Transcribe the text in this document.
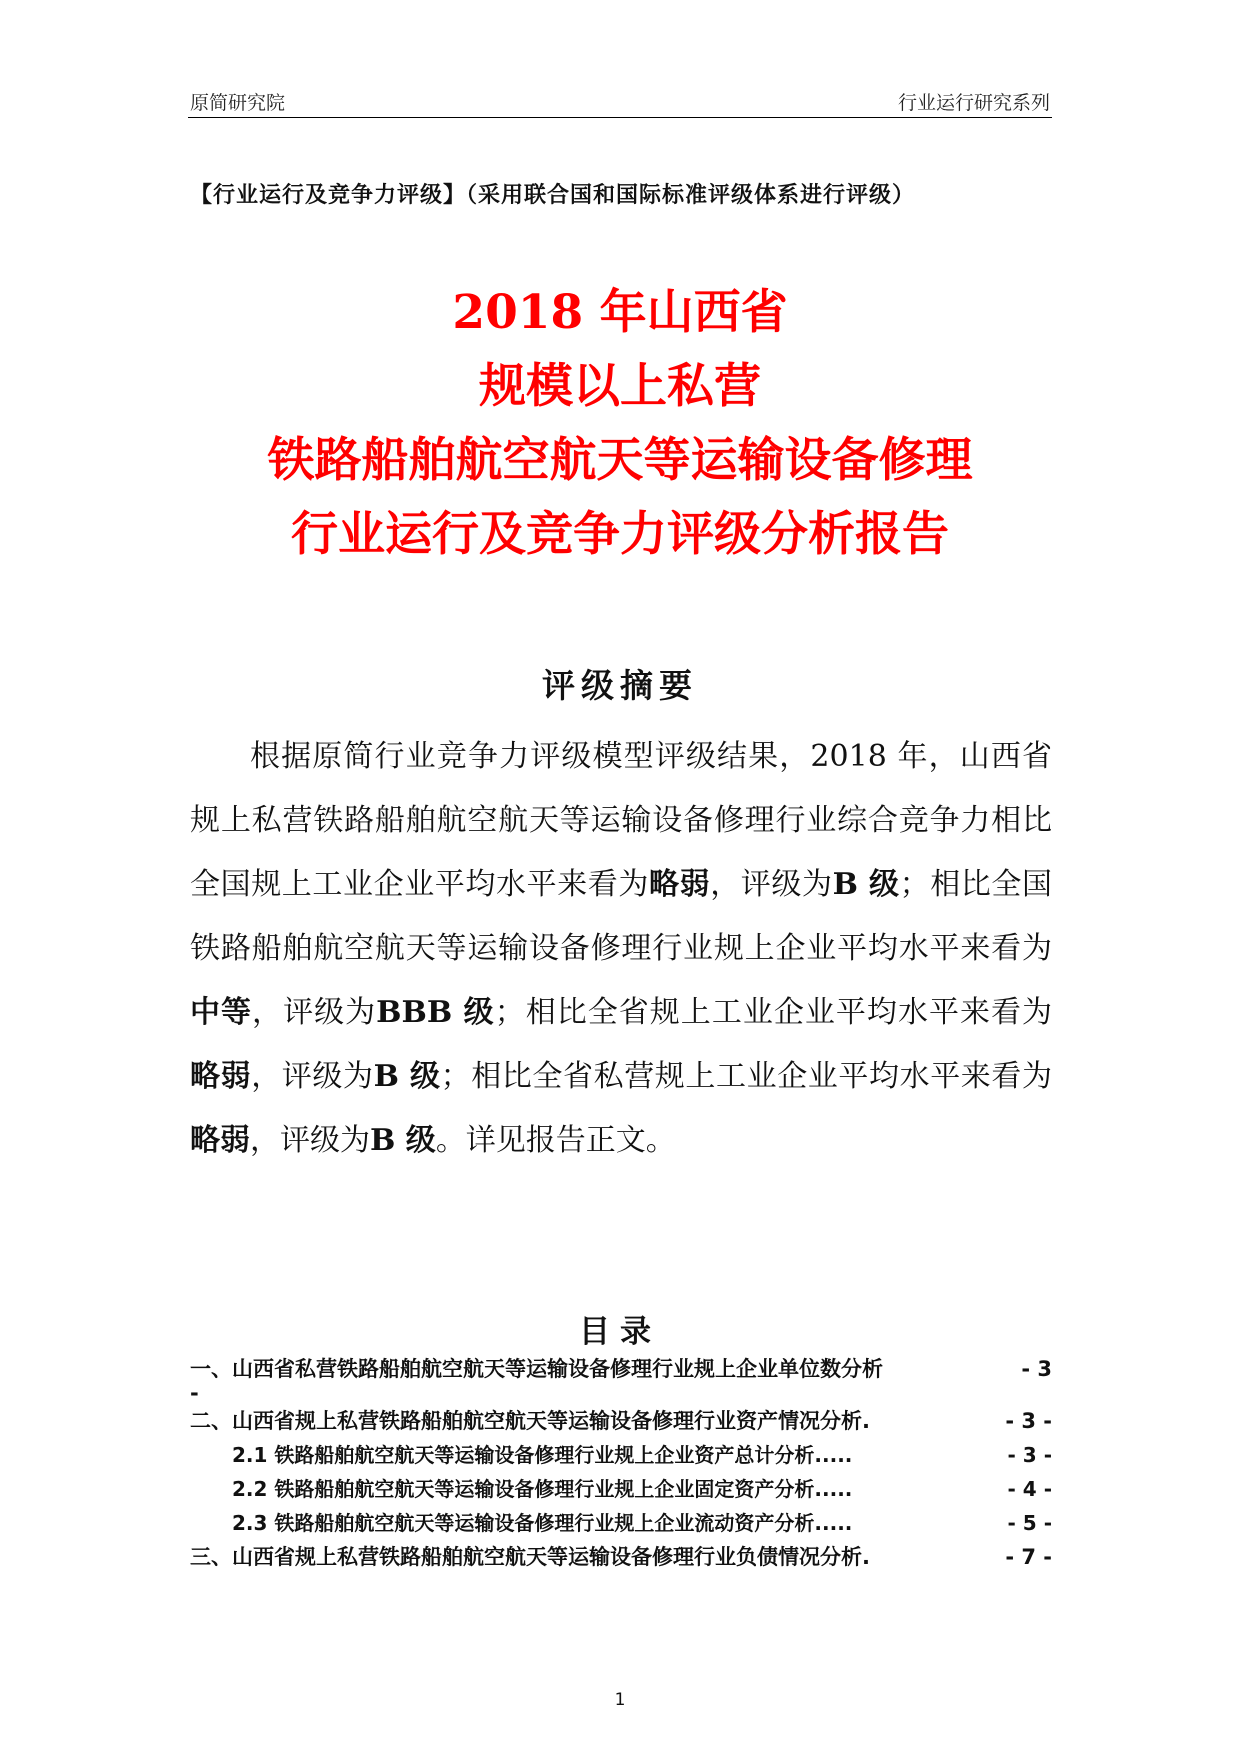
原简研究院	行业运行研究系列
【行业运行及竞争力评级】（采用联合国和国际标准评级体系进行评级）
2018 年山西省
规模以上私营
铁路船舶航空航天等运输设备修理
行业运行及竞争力评级分析报告
评级摘要

根据原简行业竞争力评级模型评级结果，2018 年，山西省规上私营铁路船舶航空航天等运输设备修理行业综合竞争力相比全国规上工业企业平均水平来看为略弱，评级为B 级；相比全国铁路船舶航空航天等运输设备修理行业规上企业平均水平来看为中等，评级为BBB 级；相比全省规上工业企业平均水平来看为略弱，评级为B 级；相比全省私营规上工业企业平均水平来看为略弱，评级为B 级。详见报告正文。

目录
一、山西省私营铁路船舶航空航天等运输设备修理行业规上企业单位数分析	- 3
-
二、山西省规上私营铁路船舶航空航天等运输设备修理行业资产情况分析 .	- 3 -
2.1 铁路船舶航空航天等运输设备修理行业规上企业资产总计分析 .....	- 3 -
2.2 铁路船舶航空航天等运输设备修理行业规上企业固定资产分析 .....	- 4 -
2.3 铁路船舶航空航天等运输设备修理行业规上企业流动资产分析 .....	- 5 -
三、山西省规上私营铁路船舶航空航天等运输设备修理行业负债情况分析 .	- 7 -
1
